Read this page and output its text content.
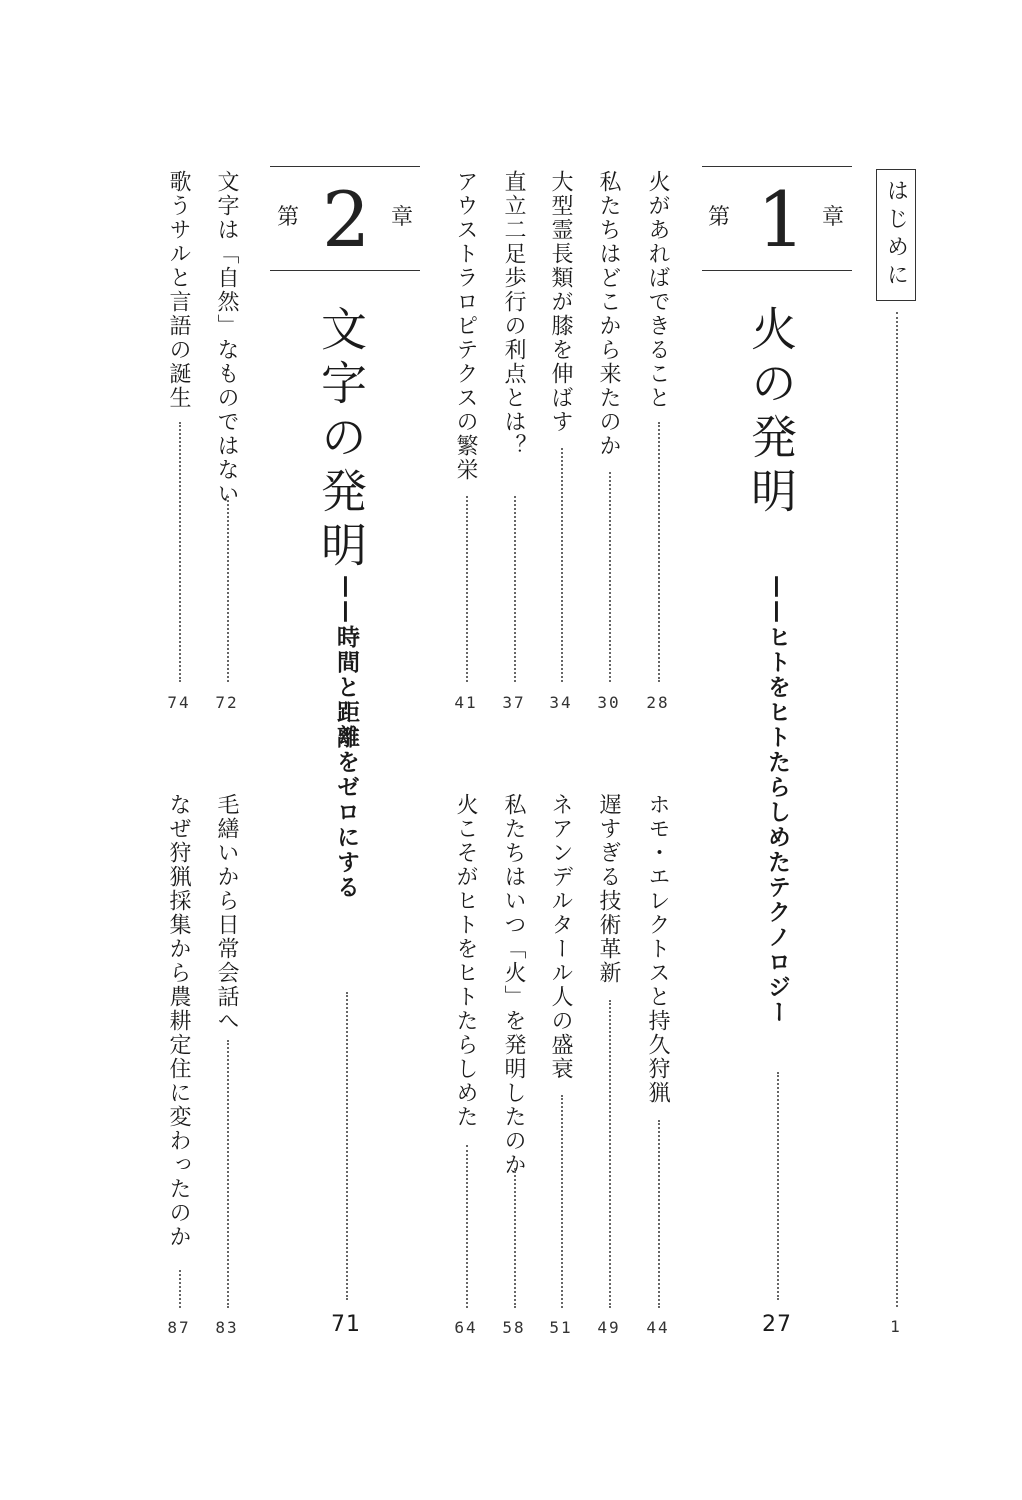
はじめに
1
第 1 章
火の発明
——ヒトをヒトたらしめたテクノロジー
27
火があればできること
28
私たちはどこから来たのか
30
大型霊長類が膝を伸ばす
34
直立二足歩行の利点とは？
37
アウストラロピテクスの繁栄
41
ホモ・エレクトスと持久狩猟
44
遅すぎる技術革新
49
ネアンデルタール人の盛衰
51
私たちはいつ「火」を発明したのか
58
火こそがヒトをヒトたらしめた
64
第 2 章
文字の発明
——時間と距離をゼロにする
71
文字は「自然」なものではない
72
歌うサルと言語の誕生
74
毛繕いから日常会話へ
83
なぜ狩猟採集から農耕定住に変わったのか
87
